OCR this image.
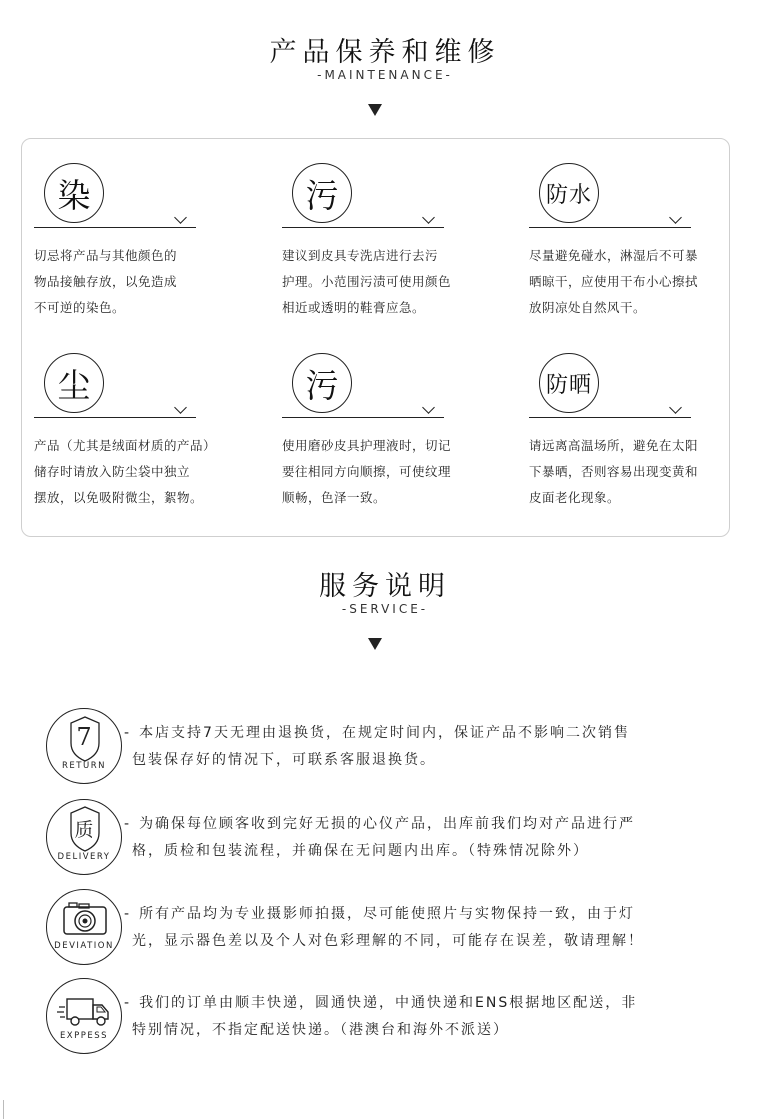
产品保养和维修
-MAINTENANCE-
染
切忌将产品与其他颜色的
物品接触存放，以免造成
不可逆的染色。
污
建议到皮具专洗店进行去污
护理。小范围污渍可使用颜色
相近或透明的鞋膏应急。
防水
尽量避免碰水，淋湿后不可暴
晒晾干，应使用干布小心擦拭
放阴凉处自然风干。
尘
产品（尤其是绒面材质的产品）
储存时请放入防尘袋中独立
摆放，以免吸附微尘，絮物。
污
使用磨砂皮具护理液时，切记
要往相同方向顺擦，可使纹理
顺畅，色泽一致。
防晒
请远离高温场所，避免在太阳
下暴晒，否则容易出现变黄和
皮面老化现象。
服务说明
-SERVICE-
7
RETURN
- 本店支持7天无理由退换货，在规定时间内，保证产品不影响二次销售
包装保存好的情况下，可联系客服退换货。
质
DELIVERY
- 为确保每位顾客收到完好无损的心仪产品，出库前我们均对产品进行严
格，质检和包装流程，并确保在无问题内出库。（特殊情况除外）
DEVIATION
- 所有产品均为专业摄影师拍摄，尽可能使照片与实物保持一致，由于灯
光，显示器色差以及个人对色彩理解的不同，可能存在误差，敬请理解！
EXPPESS
- 我们的订单由顺丰快递，圆通快递，中通快递和ENS根据地区配送，非
特别情况，不指定配送快递。（港澳台和海外不派送）
